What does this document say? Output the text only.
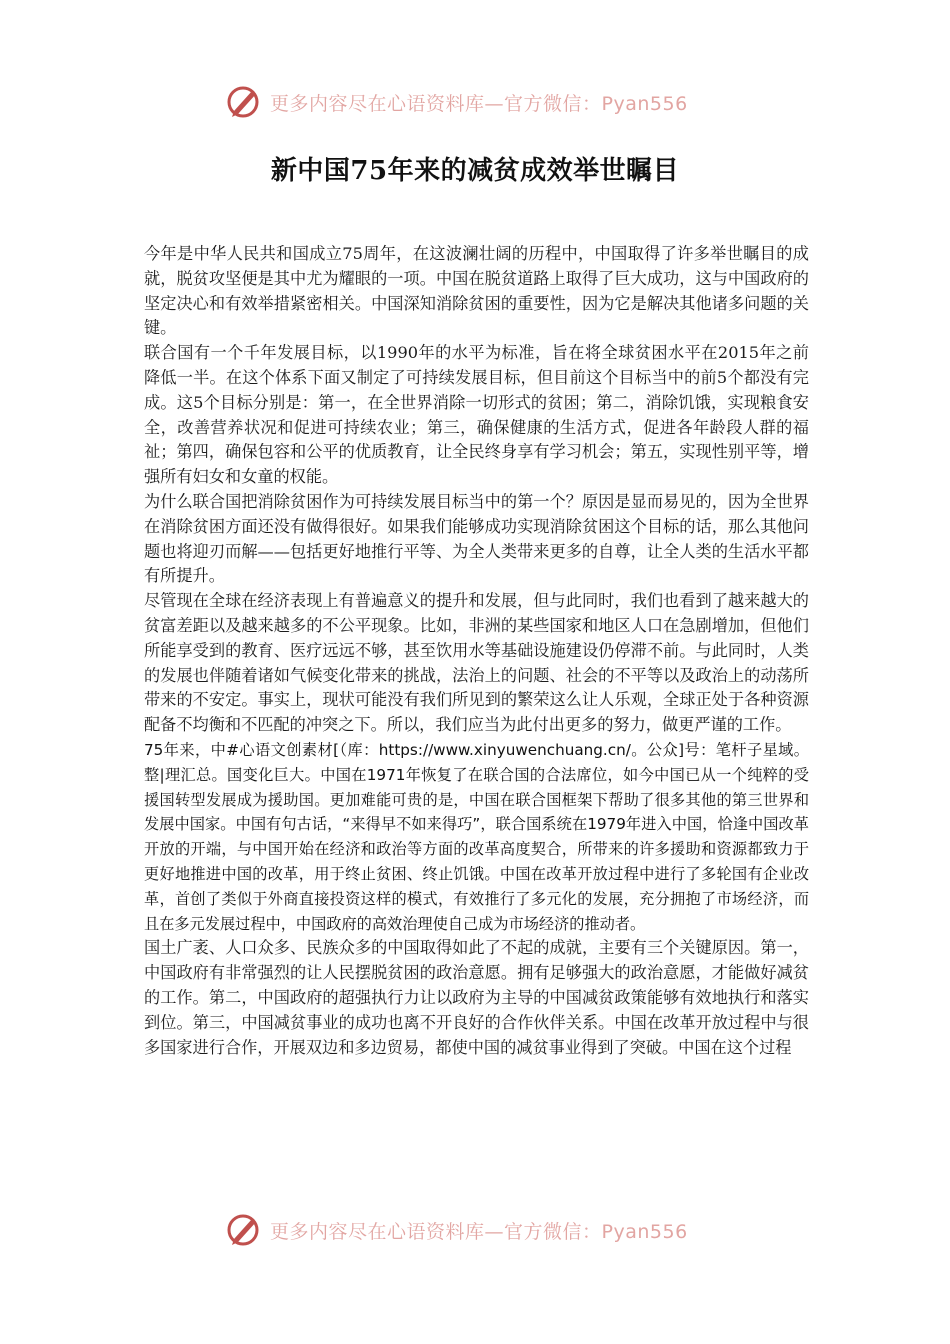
更多内容尽在心语资料库—官方微信：Pyan556
新中国75年来的减贫成效举世瞩目

今年是中华人民共和国成立75周年，在这波澜壮阔的历程中，中国取得了许多举世瞩目的成就，脱贫攻坚便是其中尤为耀眼的一项。中国在脱贫道路上取得了巨大成功，这与中国政府的坚定决心和有效举措紧密相关。中国深知消除贫困的重要性，因为它是解决其他诸多问题的关键。

联合国有一个千年发展目标，以1990年的水平为标准，旨在将全球贫困水平在2015年之前降低一半。在这个体系下面又制定了可持续发展目标，但目前这个目标当中的前5个都没有完成。这5个目标分别是：第一，在全世界消除一切形式的贫困；第二，消除饥饿，实现粮食安全，改善营养状况和促进可持续农业；第三，确保健康的生活方式，促进各年龄段人群的福祉；第四，确保包容和公平的优质教育，让全民终身享有学习机会；第五，实现性别平等，增强所有妇女和女童的权能。

为什么联合国把消除贫困作为可持续发展目标当中的第一个？原因是显而易见的，因为全世界在消除贫困方面还没有做得很好。如果我们能够成功实现消除贫困这个目标的话，那么其他问题也将迎刃而解——包括更好地推行平等、为全人类带来更多的自尊，让全人类的生活水平都有所提升。

尽管现在全球在经济表现上有普遍意义的提升和发展，但与此同时，我们也看到了越来越大的贫富差距以及越来越多的不公平现象。比如，非洲的某些国家和地区人口在急剧增加，但他们所能享受到的教育、医疗远远不够，甚至饮用水等基础设施建设仍停滞不前。与此同时，人类的发展也伴随着诸如气候变化带来的挑战，法治上的问题、社会的不平等以及政治上的动荡所带来的不安定。事实上，现状可能没有我们所见到的繁荣这么让人乐观，全球正处于各种资源配备不均衡和不匹配的冲突之下。所以，我们应当为此付出更多的努力，做更严谨的工作。

75年来，中#心语文创素材[（库：https://www.xinyuwenchuang.cn/。公众]号：笔杆子星域。整|理汇总。国变化巨大。中国在1971年恢复了在联合国的合法席位，如今中国已从一个纯粹的受援国转型发展成为援助国。更加难能可贵的是，中国在联合国框架下帮助了很多其他的第三世界和发展中国家。中国有句古话，“来得早不如来得巧”，联合国系统在1979年进入中国，恰逢中国改革开放的开端，与中国开始在经济和政治等方面的改革高度契合，所带来的许多援助和资源都致力于更好地推进中国的改革，用于终止贫困、终止饥饿。中国在改革开放过程中进行了多轮国有企业改革，首创了类似于外商直接投资这样的模式，有效推行了多元化的发展，充分拥抱了市场经济，而且在多元发展过程中，中国政府的高效治理使自己成为市场经济的推动者。

国土广袤、人口众多、民族众多的中国取得如此了不起的成就，主要有三个关键原因。第一，中国政府有非常强烈的让人民摆脱贫困的政治意愿。拥有足够强大的政治意愿，才能做好减贫的工作。第二，中国政府的超强执行力让以政府为主导的中国减贫政策能够有效地执行和落实到位。第三，中国减贫事业的成功也离不开良好的合作伙伴关系。中国在改革开放过程中与很多国家进行合作，开展双边和多边贸易，都使中国的减贫事业得到了突破。中国在这个过程

更多内容尽在心语资料库—官方微信：Pyan556
